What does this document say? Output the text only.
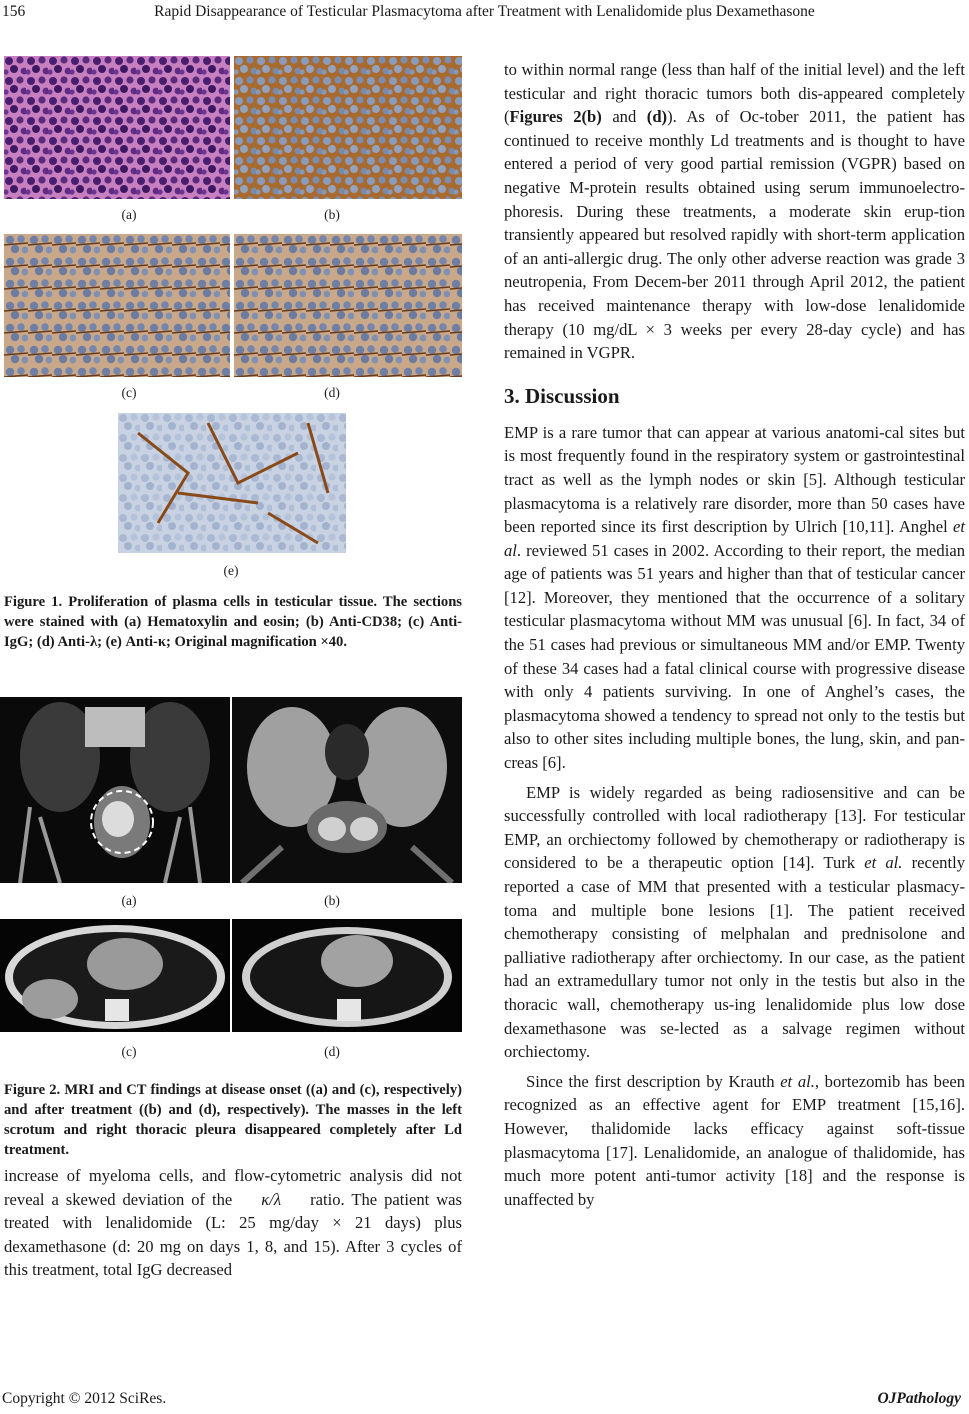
156	Rapid Disappearance of Testicular Plasmacytoma after Treatment with Lenalidomide plus Dexamethasone
(a)	(b)
(c)	(d)
(e)
Figure 1. Proliferation of plasma cells in testicular tissue. The sections were stained with (a) Hematoxylin and eosin; (b) Anti-CD38; (c) Anti-IgG; (d) Anti-λ; (e) Anti-κ; Original magnification ×40.
(a)	(b)
(c)	(d)
Figure 2. MRI and CT findings at disease onset ((a) and (c), respectively) and after treatment ((b) and (d), respectively). The masses in the left scrotum and right thoracic pleura disappeared completely after Ld treatment.

increase of myeloma cells, and flow-cytometric analysis did not reveal a skewed deviation of the κ/λ ratio. The patient was treated with lenalidomide (L: 25 mg/day × 21 days) plus dexamethasone (d: 20 mg on days 1, 8, and 15). After 3 cycles of this treatment, total IgG decreased

to within normal range (less than half of the initial level) and the left testicular and right thoracic tumors both dis-appeared completely (Figures 2(b) and (d)). As of Oc-tober 2011, the patient has continued to receive monthly Ld treatments and is thought to have entered a period of very good partial remission (VGPR) based on negative M-protein results obtained using serum immunoelectro-phoresis. During these treatments, a moderate skin erup-tion transiently appeared but resolved rapidly with short-term application of an anti-allergic drug. The only other adverse reaction was grade 3 neutropenia, From Decem-ber 2011 through April 2012, the patient has received maintenance therapy with low-dose lenalidomide therapy (10 mg/dL × 3 weeks per every 28-day cycle) and has remained in VGPR.

3. Discussion

EMP is a rare tumor that can appear at various anatomi-cal sites but is most frequently found in the respiratory system or gastrointestinal tract as well as the lymph nodes or skin [5]. Although testicular plasmacytoma is a relatively rare disorder, more than 50 cases have been reported since its first description by Ulrich [10,11]. Anghel et al. reviewed 51 cases in 2002. According to their report, the median age of patients was 51 years and higher than that of testicular cancer [12]. Moreover, they mentioned that the occurrence of a solitary testicular plasmacytoma without MM was unusual [6]. In fact, 34 of the 51 cases had previous or simultaneous MM and/or EMP. Twenty of these 34 cases had a fatal clinical course with progressive disease with only 4 patients surviving. In one of Anghel’s cases, the plasmacytoma showed a tendency to spread not only to the testis but also to other sites including multiple bones, the lung, skin, and pan-creas [6].

EMP is widely regarded as being radiosensitive and can be successfully controlled with local radiotherapy [13]. For testicular EMP, an orchiectomy followed by chemotherapy or radiotherapy is considered to be a therapeutic option [14]. Turk et al. recently reported a case of MM that presented with a testicular plasmacy-toma and multiple bone lesions [1]. The patient received chemotherapy consisting of melphalan and prednisolone and palliative radiotherapy after orchiectomy. In our case, as the patient had an extramedullary tumor not only in the testis but also in the thoracic wall, chemotherapy us-ing lenalidomide plus low dose dexamethasone was se-lected as a salvage regimen without orchiectomy.

Since the first description by Krauth et al., bortezomib has been recognized as an effective agent for EMP treatment [15,16]. However, thalidomide lacks efficacy against soft-tissue plasmacytoma [17]. Lenalidomide, an analogue of thalidomide, has much more potent anti-tumor activity [18] and the response is unaffected by

Copyright © 2012 SciRes.	OJPathology
